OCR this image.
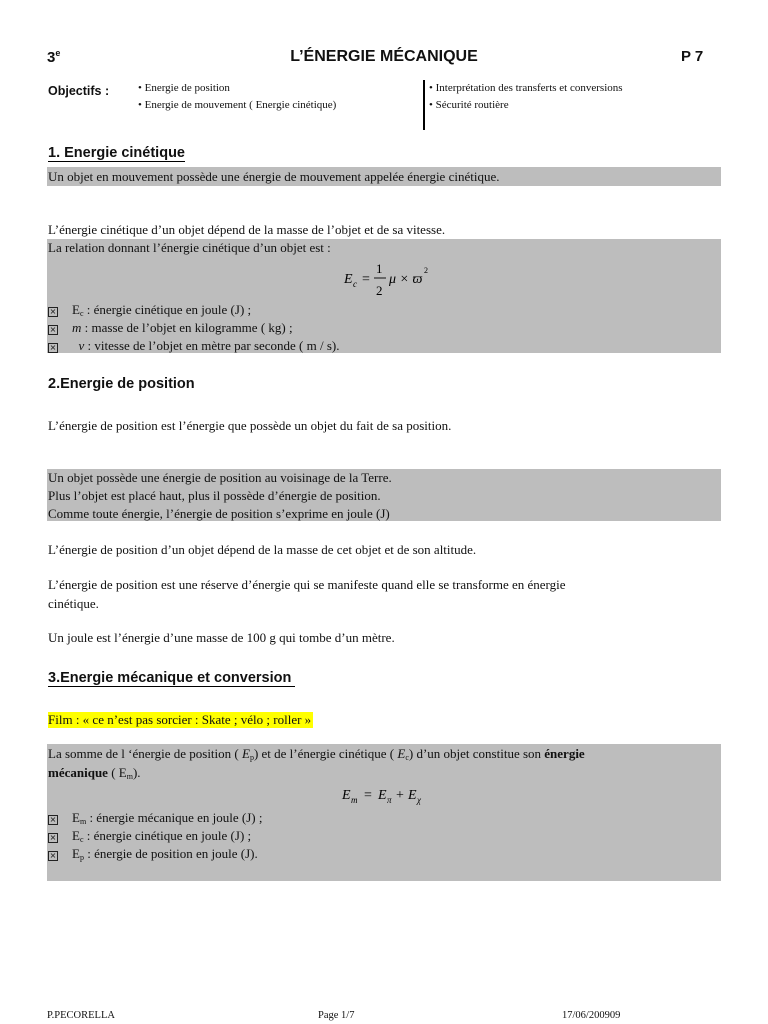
3e	L’ÉNERGIE MÉCANIQUE	P 7
Objectifs :	• Energie de position
• Energie de mouvement ( Energie cinétique)
• Interprétation des transferts et conversions
• Sécurité routière
1. Energie cinétique
Un objet en mouvement possède une énergie de mouvement appelée énergie cinétique.
L’énergie cinétique d’un objet dépend de la masse de l’objet et de sa vitesse.
La relation donnant l’énergie cinétique d’un objet est :
E c =
1
2
μ × ϖ
2
$\times E_c$ : énergie cinétique en joule (J) ;
×m : masse de l’objet en kilogramme ( kg) ;
×  v : vitesse de l’objet en mètre par seconde ( m / s).
2.Energie de position
L’énergie de position est l’énergie que possède un objet du fait de sa position.
Un objet possède une énergie de position au voisinage de la Terre.
Plus l’objet est placé haut, plus il possède d’énergie de position.
Comme toute énergie, l’énergie de position s’exprime en joule (J)
L’énergie de position d’un objet dépend de la masse de cet objet et de son altitude.
L’énergie de position est une réserve d’énergie qui se manifeste quand elle se transforme en énergie
cinétique.
Un joule est l’énergie d’une masse de 100 g qui tombe d’un mètre.
3.Energie mécanique et conversion
Film : « ce n’est pas sorcier : Skate ; vélo ; roller »
La somme de l ‘énergie de position ( $E_p$) et de l’énergie cinétique ( $E_c$) d’un objet constitue son énergie
mécanique ( $E_m$).
E m = E π + E χ
$\times E_m$ : énergie mécanique en joule (J) ;
$\times E_c$ : énergie cinétique en joule (J) ;
$\times E_p$ : énergie de position en joule (J).
P.PECORELLA	Page 1/7	17/06/200909
